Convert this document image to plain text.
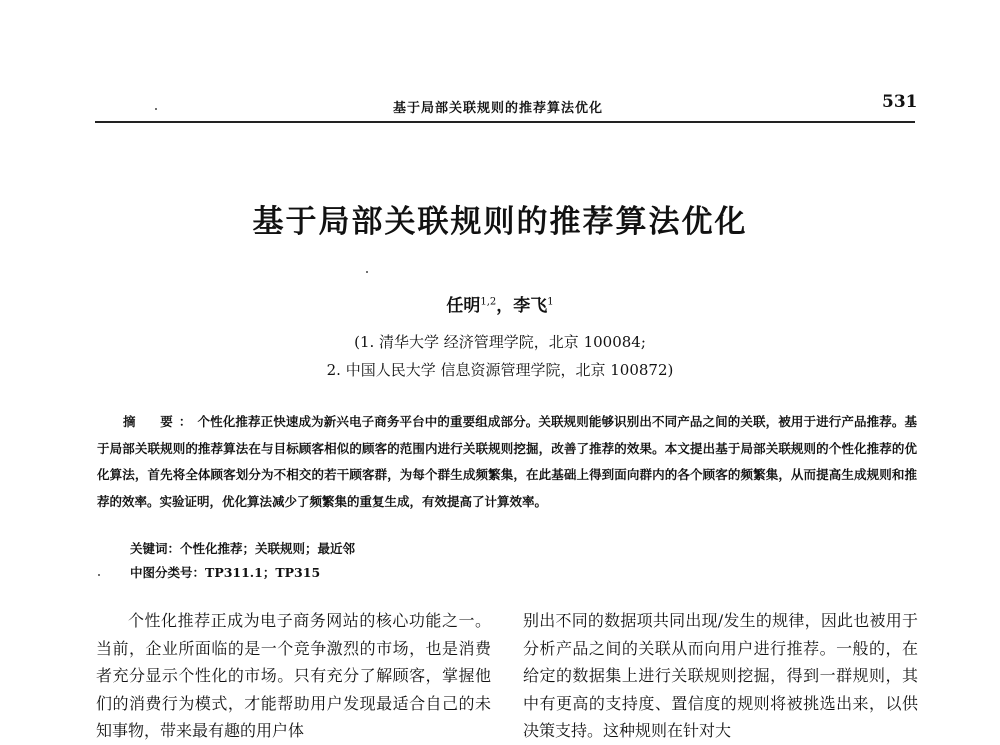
基于局部关联规则的推荐算法优化	531
基于局部关联规则的推荐算法优化
任明$^{1,2}$，李飞$^1$
(1. 清华大学 经济管理学院，北京 100084;
2. 中国人民大学 信息资源管理学院，北京 100872)
摘　要：个性化推荐正快速成为新兴电子商务平台中的重要组成部分。关联规则能够识别出不同产品之间的关联，被用于进行产品推荐。基于局部关联规则的推荐算法在与目标顾客相似的顾客的范围内进行关联规则挖掘，改善了推荐的效果。本文提出基于局部关联规则的个性化推荐的优化算法，首先将全体顾客划分为不相交的若干顾客群，为每个群生成频繁集，在此基础上得到面向群内的各个顾客的频繁集，从而提高生成规则和推荐的效率。实验证明，优化算法减少了频繁集的重复生成，有效提高了计算效率。
关键词：个性化推荐；关联规则；最近邻
中图分类号：TP311.1；TP315
个性化推荐正成为电子商务网站的核心功能之一。当前，企业所面临的是一个竞争激烈的市场，也是消费者充分显示个性化的市场。只有充分了解顾客，掌握他们的消费行为模式，才能帮助用户发现最适合自己的未知事物，带来最有趣的用户体
别出不同的数据项共同出现/发生的规律，因此也被用于分析产品之间的关联从而向用户进行推荐。一般的，在给定的数据集上进行关联规则挖掘，得到一群规则，其中有更高的支持度、置信度的规则将被挑选出来，以供决策支持。这种规则在针对大
